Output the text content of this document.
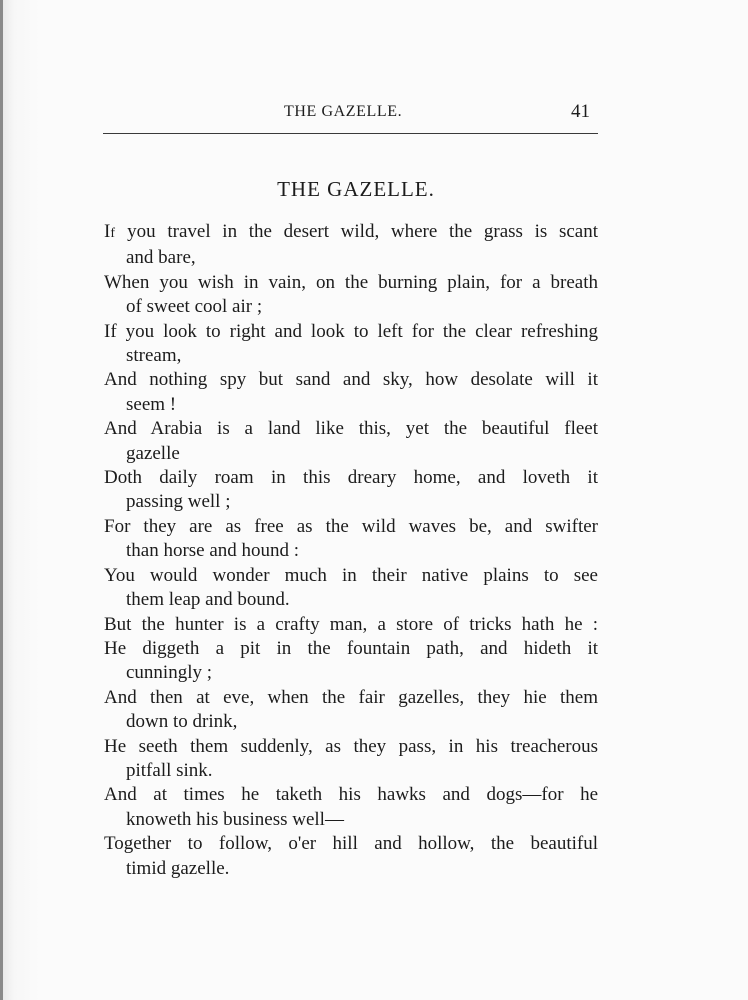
THE GAZELLE.	41
THE GAZELLE.
If you travel in the desert wild, where the grass is scant
and bare,
When you wish in vain, on the burning plain, for a breath
of sweet cool air ;
If you look to right and look to left for the clear refreshing
stream,
And nothing spy but sand and sky, how desolate will it
seem !
And Arabia is a land like this, yet the beautiful fleet
gazelle
Doth daily roam in this dreary home, and loveth it
passing well ;
For they are as free as the wild waves be, and swifter
than horse and hound :
You would wonder much in their native plains to see
them leap and bound.
But the hunter is a crafty man, a store of tricks hath he :
He diggeth a pit in the fountain path, and hideth it
cunningly ;
And then at eve, when the fair gazelles, they hie them
down to drink,
He seeth them suddenly, as they pass, in his treacherous
pitfall sink.
And at times he taketh his hawks and dogs—for he
knoweth his business well—
Together to follow, o'er hill and hollow, the beautiful
timid gazelle.
